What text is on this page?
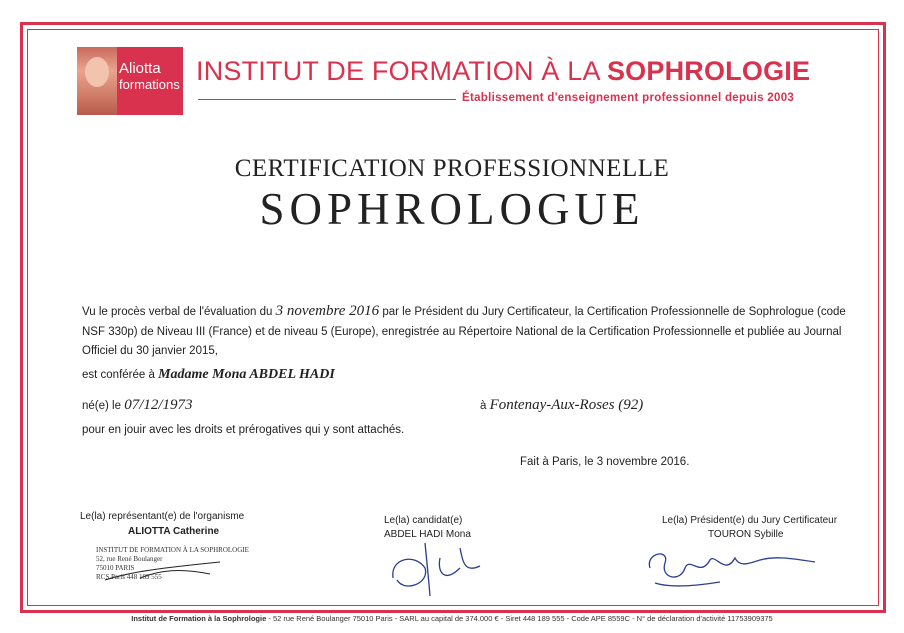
Aliotta
formations INSTITUT DE FORMATION À LA SOPHROLOGIE
Établissement d'enseignement professionnel depuis 2003
CERTIFICATION PROFESSIONNELLE
SOPHROLOGUE
Vu le procès verbal de l'évaluation du 3 novembre 2016 par le Président du Jury Certificateur, la Certification Professionnelle de Sophrologue (code NSF 330p) de Niveau III (France) et de niveau 5 (Europe), enregistrée au Répertoire National de la Certification Professionnelle et publiée au Journal Officiel du 30 janvier 2015,
est conférée à Madame Mona ABDEL HADI
né(e) le 07/12/1973	à Fontenay-Aux-Roses (92)
pour en jouir avec les droits et prérogatives qui y sont attachés.
Fait à Paris, le 3 novembre 2016.
Le(la) représentant(e) de l'organisme
ALIOTTA Catherine
INSTITUT DE FORMATION À LA SOPHROLOGIE
52, rue René Boulanger
75010 PARIS
RCS Paris 448 189 555
Le(la) candidat(e)
ABDEL HADI Mona
Le(la) Président(e) du Jury Certificateur
TOURON Sybille
Institut de Formation à la Sophrologie - 52 rue René Boulanger 75010 Paris - SARL au capital de 374.000 € - Siret 448 189 555 - Code APE 8559C - N° de déclaration d'activité 11753909375
